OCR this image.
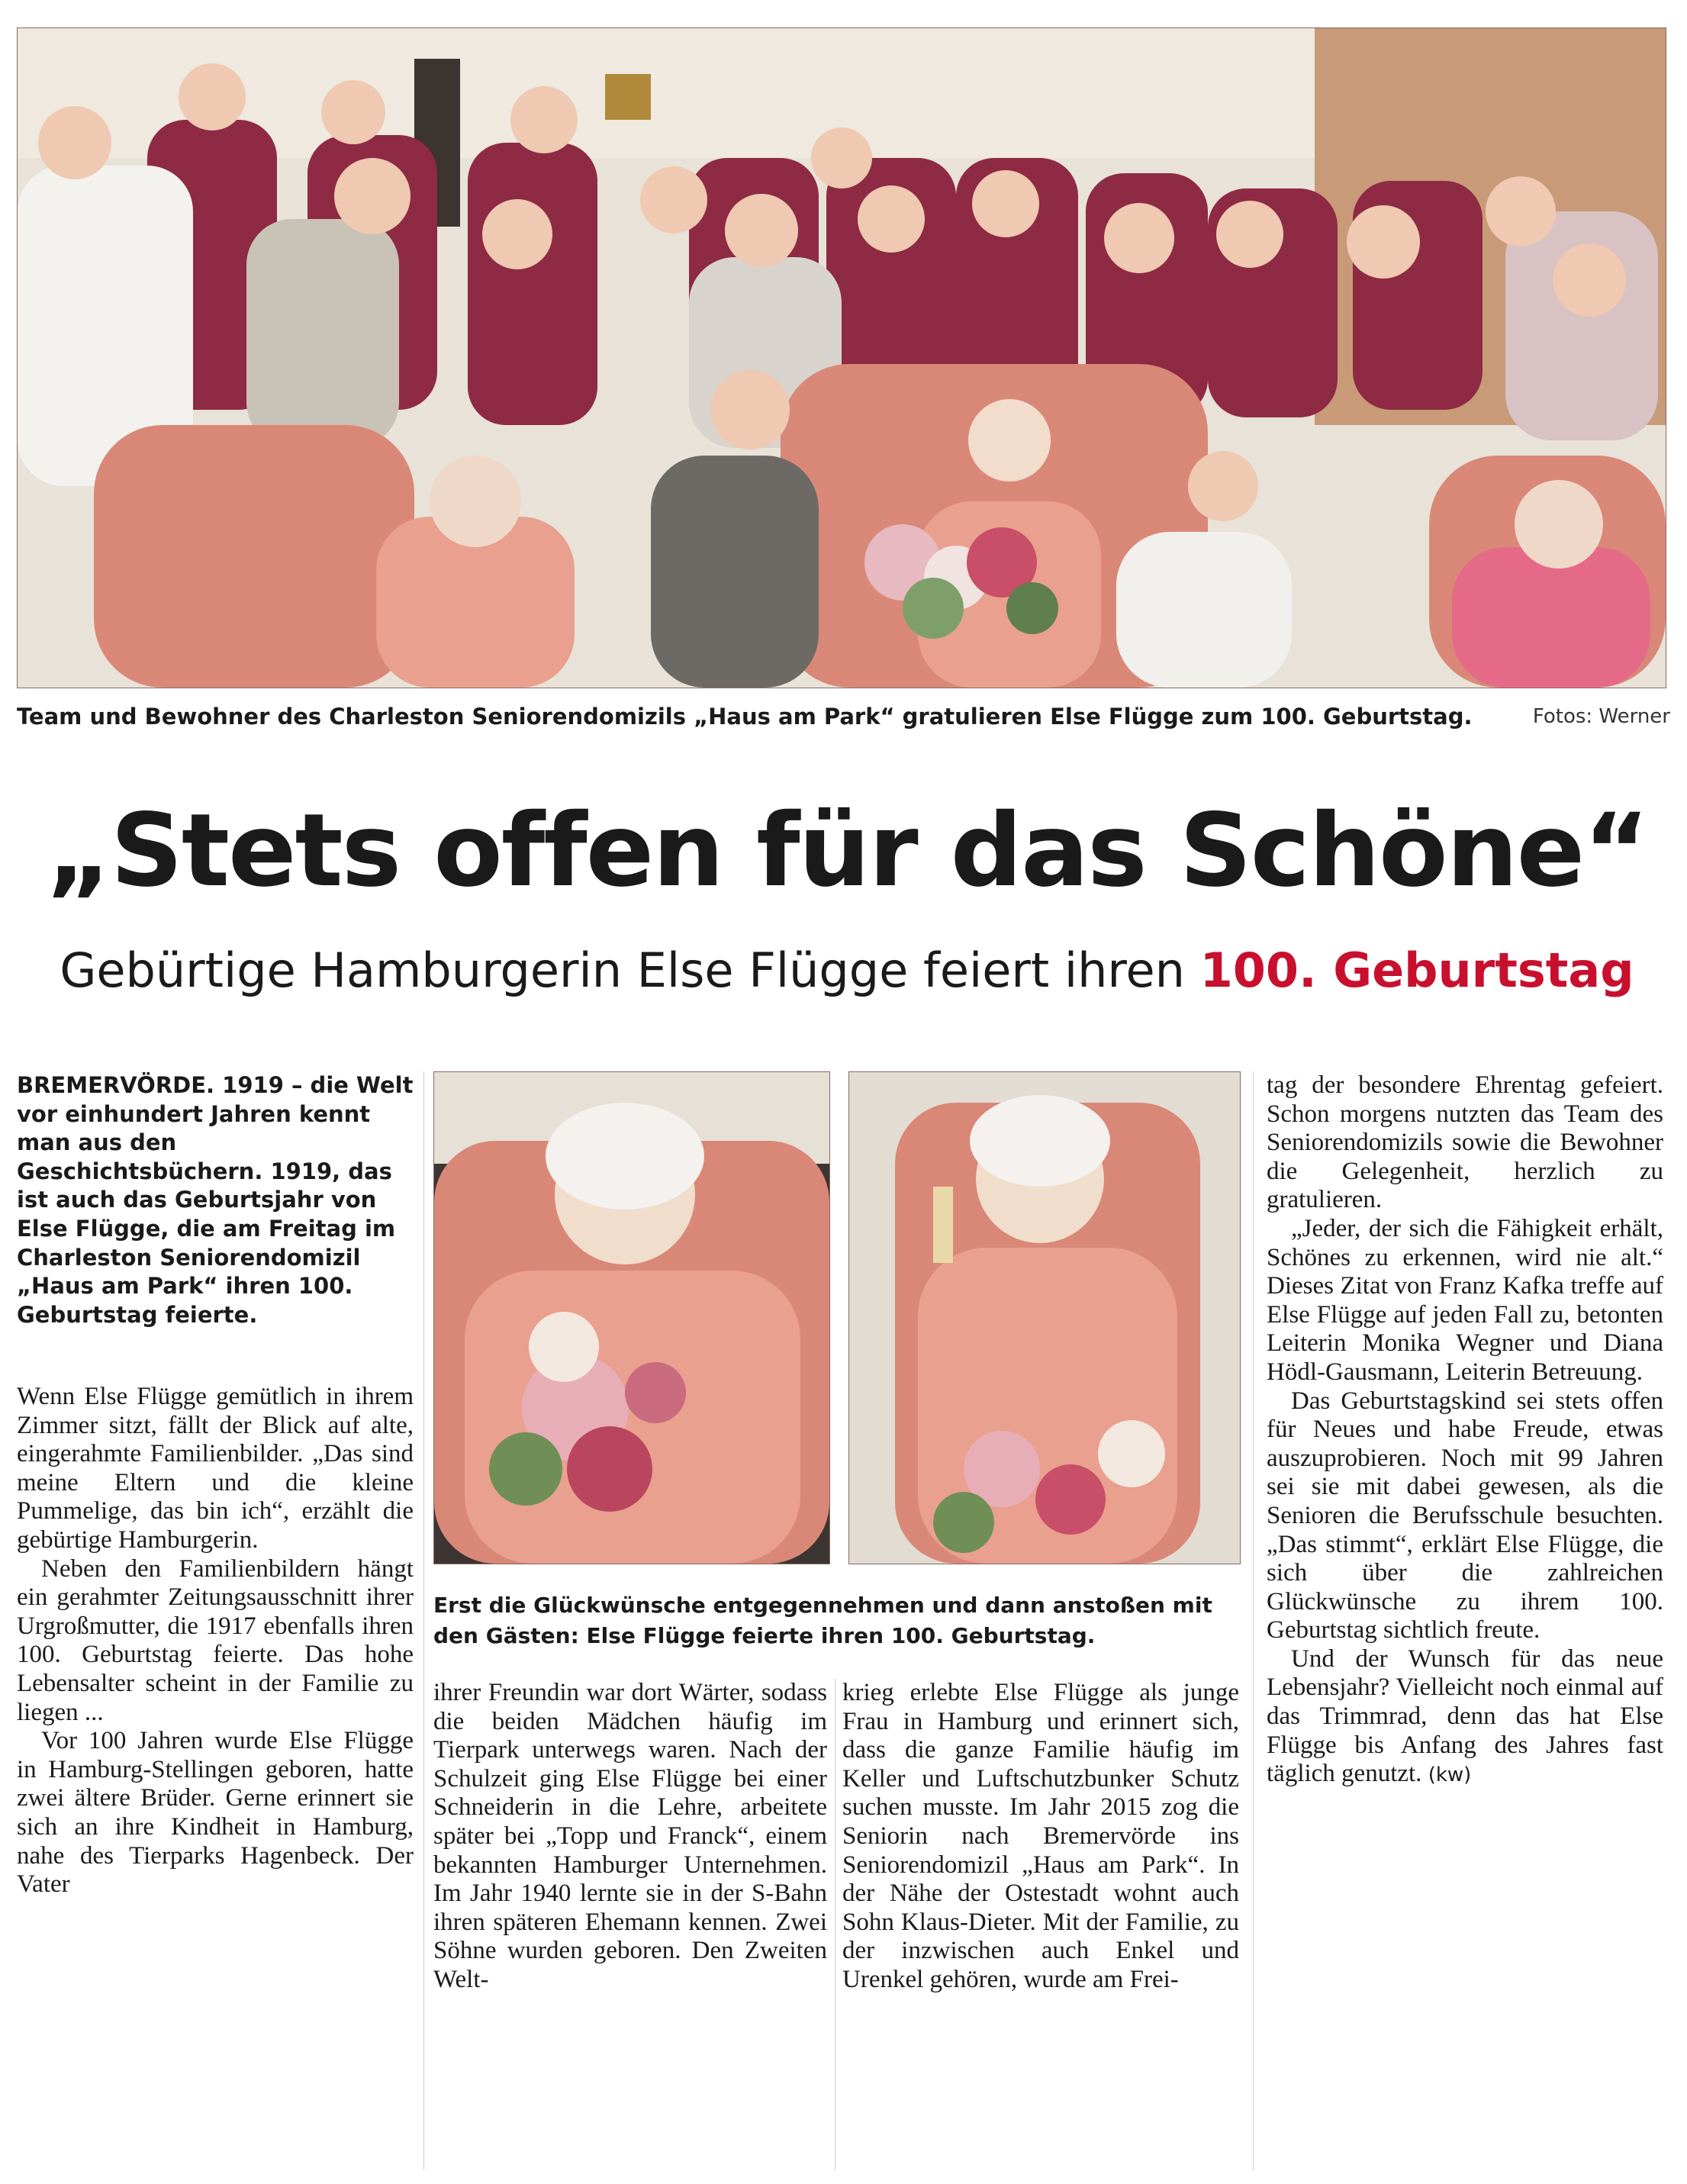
Team und Bewohner des Charleston Seniorendomizils „Haus am Park“ gratulieren Else Flügge zum 100. Geburtstag.	Fotos: Werner
„Stets offen für das Schöne“
Gebürtige Hamburgerin Else Flügge feiert ihren 100. Geburtstag
BREMERVÖRDE. 1919 – die Welt vor einhundert Jahren kennt man aus den Geschichtsbüchern. 1919, das ist auch das Geburtsjahr von Else Flügge, die am Freitag im Charleston Seniorendomizil „Haus am Park“ ihren 100. Geburtstag feierte.

Wenn Else Flügge gemütlich in ihrem Zimmer sitzt, fällt der Blick auf alte, eingerahmte Familienbilder. „Das sind meine Eltern und die kleine Pummelige, das bin ich“, erzählt die gebürtige Hamburgerin.

Neben den Familienbildern hängt ein gerahmter Zeitungsausschnitt ihrer Urgroßmutter, die 1917 ebenfalls ihren 100. Geburtstag feierte. Das hohe Lebensalter scheint in der Familie zu liegen ...

Vor 100 Jahren wurde Else Flügge in Hamburg-Stellingen geboren, hatte zwei ältere Brüder. Gerne erinnert sie sich an ihre Kindheit in Hamburg, nahe des Tierparks Hagenbeck. Der Vater

Erst die Glückwünsche entgegennehmen und dann anstoßen mit den Gästen: Else Flügge feierte ihren 100. Geburtstag.

ihrer Freundin war dort Wärter, sodass die beiden Mädchen häufig im Tierpark unterwegs waren. Nach der Schulzeit ging Else Flügge bei einer Schneiderin in die Lehre, arbeitete später bei „Topp und Franck“, einem bekannten Hamburger Unternehmen. Im Jahr 1940 lernte sie in der S-Bahn ihren späteren Ehemann kennen. Zwei Söhne wurden geboren. Den Zweiten Welt-

krieg erlebte Else Flügge als junge Frau in Hamburg und erinnert sich, dass die ganze Familie häufig im Keller und Luftschutzbunker Schutz suchen musste. Im Jahr 2015 zog die Seniorin nach Bremervörde ins Seniorendomizil „Haus am Park“. In der Nähe der Ostestadt wohnt auch Sohn Klaus-Dieter. Mit der Familie, zu der inzwischen auch Enkel und Urenkel gehören, wurde am Frei-

tag der besondere Ehrentag gefeiert. Schon morgens nutzten das Team des Seniorendomizils sowie die Bewohner die Gelegenheit, herzlich zu gratulieren.

„Jeder, der sich die Fähigkeit erhält, Schönes zu erkennen, wird nie alt.“ Dieses Zitat von Franz Kafka treffe auf Else Flügge auf jeden Fall zu, betonten Leiterin Monika Wegner und Diana Hödl-Gausmann, Leiterin Betreuung.

Das Geburtstagskind sei stets offen für Neues und habe Freude, etwas auszuprobieren. Noch mit 99 Jahren sei sie mit dabei gewesen, als die Senioren die Berufsschule besuchten. „Das stimmt“, erklärt Else Flügge, die sich über die zahlreichen Glückwünsche zu ihrem 100. Geburtstag sichtlich freute.

Und der Wunsch für das neue Lebensjahr? Vielleicht noch einmal auf das Trimmrad, denn das hat Else Flügge bis Anfang des Jahres fast täglich genutzt. (kw)
